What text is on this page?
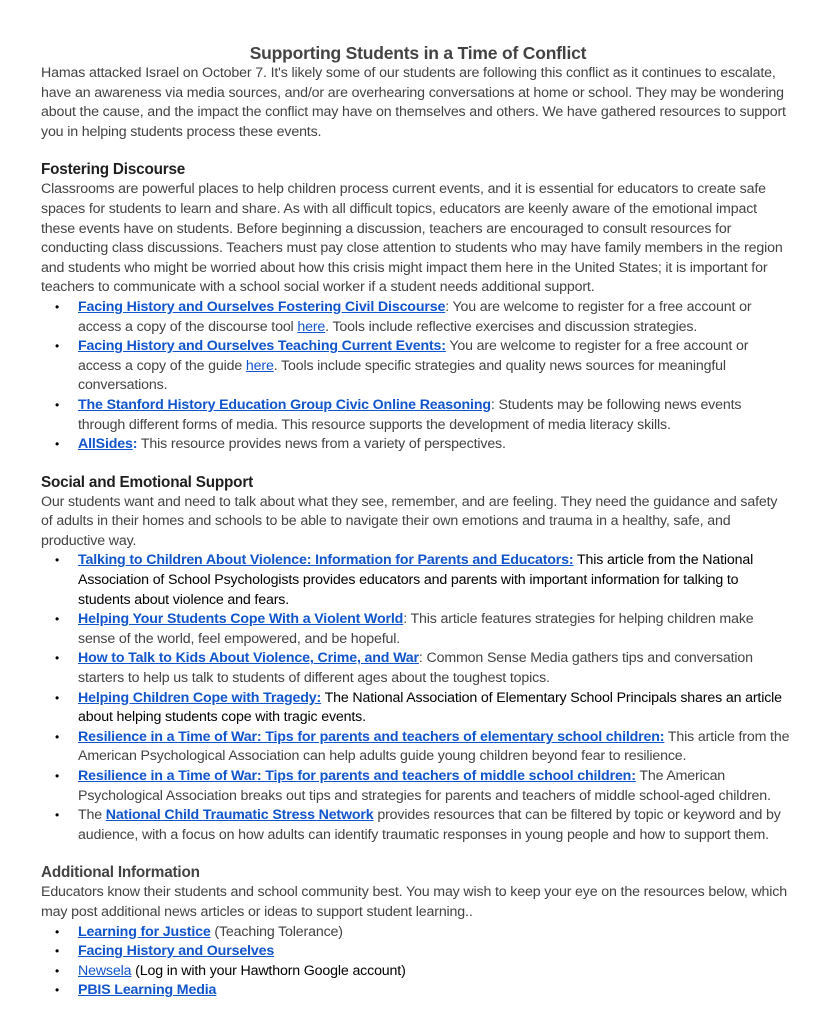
Supporting Students in a Time of Conflict

Hamas attacked Israel on October 7. It's likely some of our students are following this conflict as it continues to escalate, have an awareness via media sources, and/or are overhearing conversations at home or school. They may be wondering about the cause, and the impact the conflict may have on themselves and others. We have gathered resources to support you in helping students process these events.

Fostering Discourse

Classrooms are powerful places to help children process current events, and it is essential for educators to create safe spaces for students to learn and share. As with all difficult topics, educators are keenly aware of the emotional impact these events have on students. Before beginning a discussion, teachers are encouraged to consult resources for conducting class discussions. Teachers must pay close attention to students who may have family members in the region and students who might be worried about how this crisis might impact them here in the United States; it is important for teachers to communicate with a school social worker if a student needs additional support.

• Facing History and Ourselves Fostering Civil Discourse: You are welcome to register for a free account or access a copy of the discourse tool here. Tools include reflective exercises and discussion strategies.
• Facing History and Ourselves Teaching Current Events: You are welcome to register for a free account or access a copy of the guide here. Tools include specific strategies and quality news sources for meaningful conversations.
• The Stanford History Education Group Civic Online Reasoning: Students may be following news events through different forms of media. This resource supports the development of media literacy skills.
• AllSides: This resource provides news from a variety of perspectives.
Social and Emotional Support

Our students want and need to talk about what they see, remember, and are feeling. They need the guidance and safety of adults in their homes and schools to be able to navigate their own emotions and trauma in a healthy, safe, and productive way.

• Talking to Children About Violence: Information for Parents and Educators: This article from the National Association of School Psychologists provides educators and parents with important information for talking to students about violence and fears.
• Helping Your Students Cope With a Violent World: This article features strategies for helping children make sense of the world, feel empowered, and be hopeful.
• How to Talk to Kids About Violence, Crime, and War: Common Sense Media gathers tips and conversation starters to help us talk to students of different ages about the toughest topics.
• Helping Children Cope with Tragedy: The National Association of Elementary School Principals shares an article about helping students cope with tragic events.
• Resilience in a Time of War: Tips for parents and teachers of elementary school children: This article from the American Psychological Association can help adults guide young children beyond fear to resilience.
• Resilience in a Time of War: Tips for parents and teachers of middle school children: The American Psychological Association breaks out tips and strategies for parents and teachers of middle school-aged children.
• The National Child Traumatic Stress Network provides resources that can be filtered by topic or keyword and by audience, with a focus on how adults can identify traumatic responses in young people and how to support them.
Additional Information

Educators know their students and school community best. You may wish to keep your eye on the resources below, which may post additional news articles or ideas to support student learning..

• Learning for Justice (Teaching Tolerance)
• Facing History and Ourselves
• Newsela (Log in with your Hawthorn Google account)
• PBIS Learning Media
